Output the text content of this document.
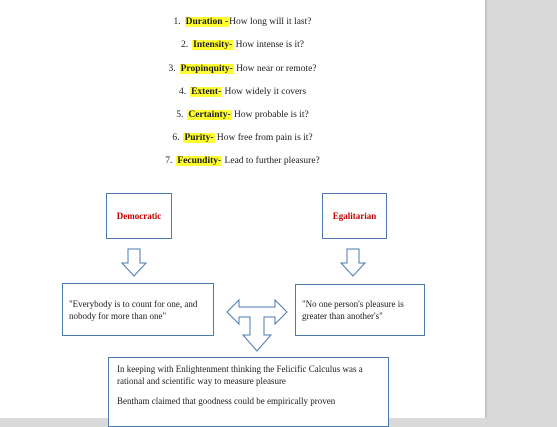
1. Duration -How long will it last?
2. Intensity- How intense is it?
3. Propinquity- How near or remote?
4. Extent- How widely it covers
5. Certainty- How probable is it?
6. Purity- How free from pain is it?
7. Fecundity- Lead to further pleasure?
Democratic	Egalitarian
"Everybody is to count for one, and nobody for more than one"
"No one person's pleasure is greater than another's"

In keeping with Enlightenment thinking the Felicific Calculus was a rational and scientific way to measure pleasure

Bentham claimed that goodness could be empirically proven
